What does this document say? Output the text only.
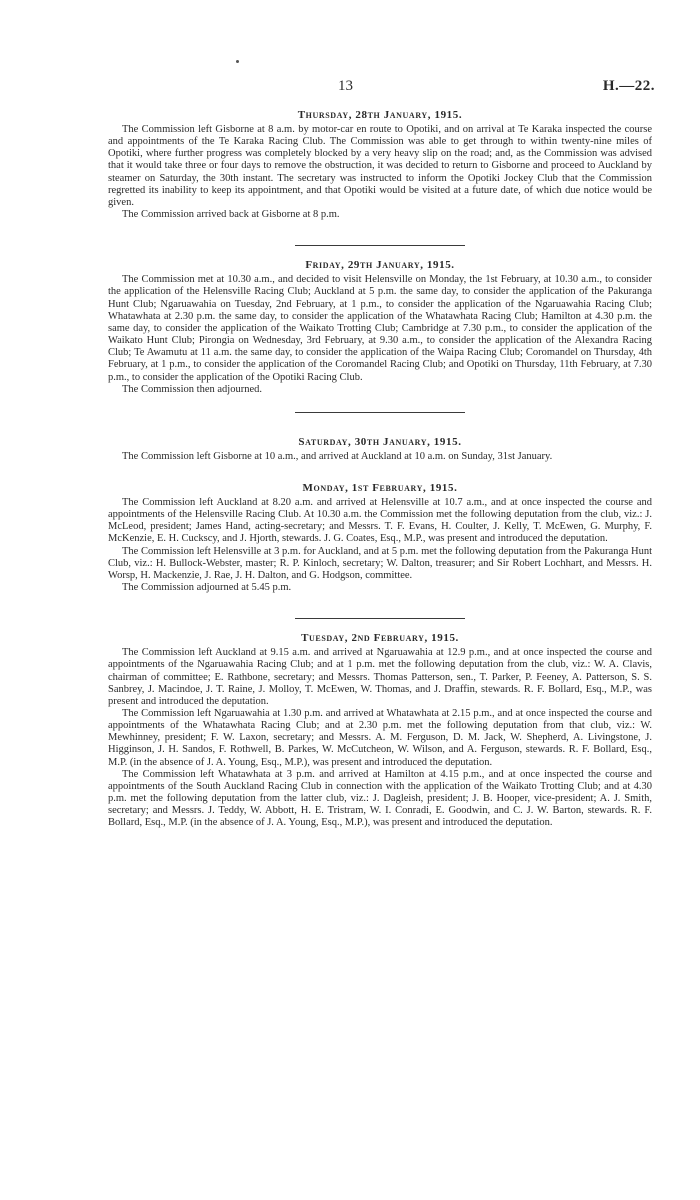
13	H.—22.
Thursday, 28th January, 1915.

The Commission left Gisborne at 8 a.m. by motor-car en route to Opotiki, and on arrival at Te Karaka inspected the course and appointments of the Te Karaka Racing Club. The Commission was able to get through to within twenty-nine miles of Opotiki, where further progress was completely blocked by a very heavy slip on the road; and, as the Commission was advised that it would take three or four days to remove the obstruction, it was decided to return to Gisborne and proceed to Auckland by steamer on Saturday, the 30th instant. The secretary was instructed to inform the Opotiki Jockey Club that the Commission regretted its inability to keep its appointment, and that Opotiki would be visited at a future date, of which due notice would be given.

The Commission arrived back at Gisborne at 8 p.m.

Friday, 29th January, 1915.

The Commission met at 10.30 a.m., and decided to visit Helensville on Monday, the 1st February, at 10.30 a.m., to consider the application of the Helensville Racing Club; Auckland at 5 p.m. the same day, to consider the application of the Pakuranga Hunt Club; Ngaruawahia on Tuesday, 2nd February, at 1 p.m., to consider the application of the Ngaruawahia Racing Club; Whatawhata at 2.30 p.m. the same day, to consider the application of the Whatawhata Racing Club; Hamilton at 4.30 p.m. the same day, to consider the application of the Waikato Trotting Club; Cambridge at 7.30 p.m., to consider the application of the Waikato Hunt Club; Pirongia on Wednesday, 3rd February, at 9.30 a.m., to consider the application of the Alexandra Racing Club; Te Awamutu at 11 a.m. the same day, to consider the application of the Waipa Racing Club; Coromandel on Thursday, 4th February, at 1 p.m., to consider the application of the Coromandel Racing Club; and Opotiki on Thursday, 11th February, at 7.30 p.m., to consider the application of the Opotiki Racing Club.

The Commission then adjourned.

Saturday, 30th January, 1915.

The Commission left Gisborne at 10 a.m., and arrived at Auckland at 10 a.m. on Sunday, 31st January.

Monday, 1st February, 1915.

The Commission left Auckland at 8.20 a.m. and arrived at Helensville at 10.7 a.m., and at once inspected the course and appointments of the Helensville Racing Club. At 10.30 a.m. the Commission met the following deputation from the club, viz.: J. McLeod, president; James Hand, acting-secretary; and Messrs. T. F. Evans, H. Coulter, J. Kelly, T. McEwen, G. Murphy, F. McKenzie, E. H. Cuckscy, and J. Hjorth, stewards. J. G. Coates, Esq., M.P., was present and introduced the deputation.

The Commission left Helensville at 3 p.m. for Auckland, and at 5 p.m. met the following deputation from the Pakuranga Hunt Club, viz.: H. Bullock-Webster, master; R. P. Kinloch, secretary; W. Dalton, treasurer; and Sir Robert Lochhart, and Messrs. H. Worsp, H. Mackenzie, J. Rae, J. H. Dalton, and G. Hodgson, committee.

The Commission adjourned at 5.45 p.m.

Tuesday, 2nd February, 1915.

The Commission left Auckland at 9.15 a.m. and arrived at Ngaruawahia at 12.9 p.m., and at once inspected the course and appointments of the Ngaruawahia Racing Club; and at 1 p.m. met the following deputation from the club, viz.: W. A. Clavis, chairman of committee; E. Rathbone, secretary; and Messrs. Thomas Patterson, sen., T. Parker, P. Feeney, A. Patterson, S. S. Sanbrey, J. Macindoe, J. T. Raine, J. Molloy, T. McEwen, W. Thomas, and J. Draffin, stewards. R. F. Bollard, Esq., M.P., was present and introduced the deputation.

The Commission left Ngaruawahia at 1.30 p.m. and arrived at Whatawhata at 2.15 p.m., and at once inspected the course and appointments of the Whatawhata Racing Club; and at 2.30 p.m. met the following deputation from that club, viz.: W. Mewhinney, president; F. W. Laxon, secretary; and Messrs. A. M. Ferguson, D. M. Jack, W. Shepherd, A. Livingstone, J. Higginson, J. H. Sandos, F. Rothwell, B. Parkes, W. McCutcheon, W. Wilson, and A. Ferguson, stewards. R. F. Bollard, Esq., M.P. (in the absence of J. A. Young, Esq., M.P.), was present and introduced the deputation.

The Commission left Whatawhata at 3 p.m. and arrived at Hamilton at 4.15 p.m., and at once inspected the course and appointments of the South Auckland Racing Club in connection with the application of the Waikato Trotting Club; and at 4.30 p.m. met the following deputation from the latter club, viz.: J. Dagleish, president; J. B. Hooper, vice-president; A. J. Smith, secretary; and Messrs. J. Teddy, W. Abbott, H. E. Tristram, W. I. Conradi, E. Goodwin, and C. J. W. Barton, stewards. R. F. Bollard, Esq., M.P. (in the absence of J. A. Young, Esq., M.P.), was present and introduced the deputation.
